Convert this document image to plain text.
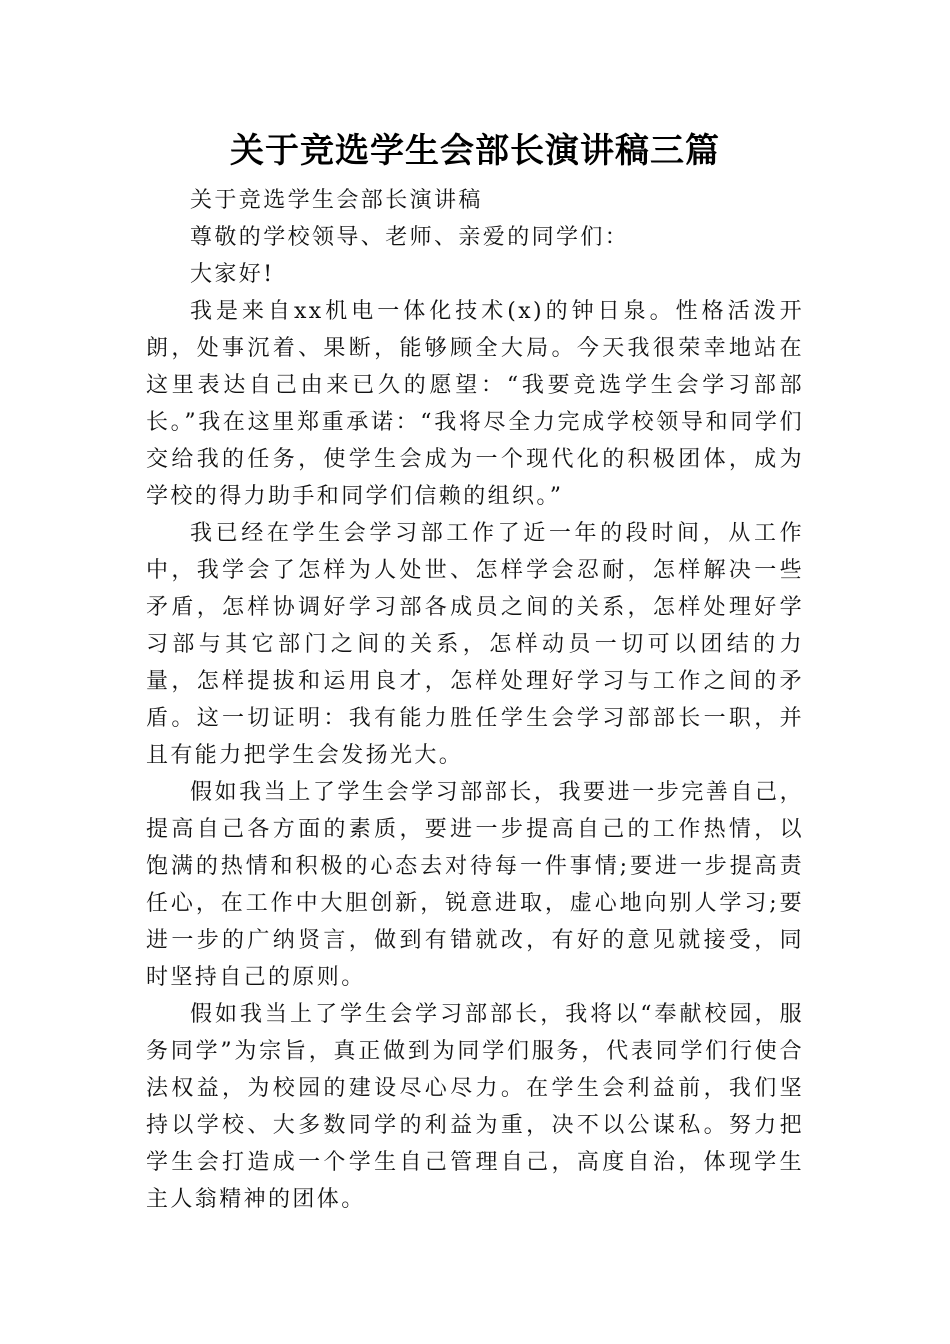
关于竞选学生会部长演讲稿三篇

关于竞选学生会部长演讲稿

尊敬的学校领导、老师、亲爱的同学们：

大家好!

我是来自xx机电一体化技术(x)的钟日泉。性格活泼开朗，处事沉着、果断，能够顾全大局。今天我很荣幸地站在这里表达自己由来已久的愿望：“我要竞选学生会学习部部长。”我在这里郑重承诺：“我将尽全力完成学校领导和同学们交给我的任务，使学生会成为一个现代化的积极团体，成为学校的得力助手和同学们信赖的组织。”

我已经在学生会学习部工作了近一年的段时间，从工作中，我学会了怎样为人处世、怎样学会忍耐，怎样解决一些矛盾，怎样协调好学习部各成员之间的关系，怎样处理好学习部与其它部门之间的关系，怎样动员一切可以团结的力量，怎样提拔和运用良才，怎样处理好学习与工作之间的矛盾。这一切证明：我有能力胜任学生会学习部部长一职，并且有能力把学生会发扬光大。

假如我当上了学生会学习部部长，我要进一步完善自己，提高自己各方面的素质，要进一步提高自己的工作热情，以饱满的热情和积极的心态去对待每一件事情;要进一步提高责任心，在工作中大胆创新，锐意进取，虚心地向别人学习;要进一步的广纳贤言，做到有错就改，有好的意见就接受，同时坚持自己的原则。

假如我当上了学生会学习部部长，我将以“奉献校园，服务同学”为宗旨，真正做到为同学们服务，代表同学们行使合法权益，为校园的建设尽心尽力。在学生会利益前，我们坚持以学校、大多数同学的利益为重，决不以公谋私。努力把学生会打造成一个学生自己管理自己，高度自治，体现学生主人翁精神的团体。
